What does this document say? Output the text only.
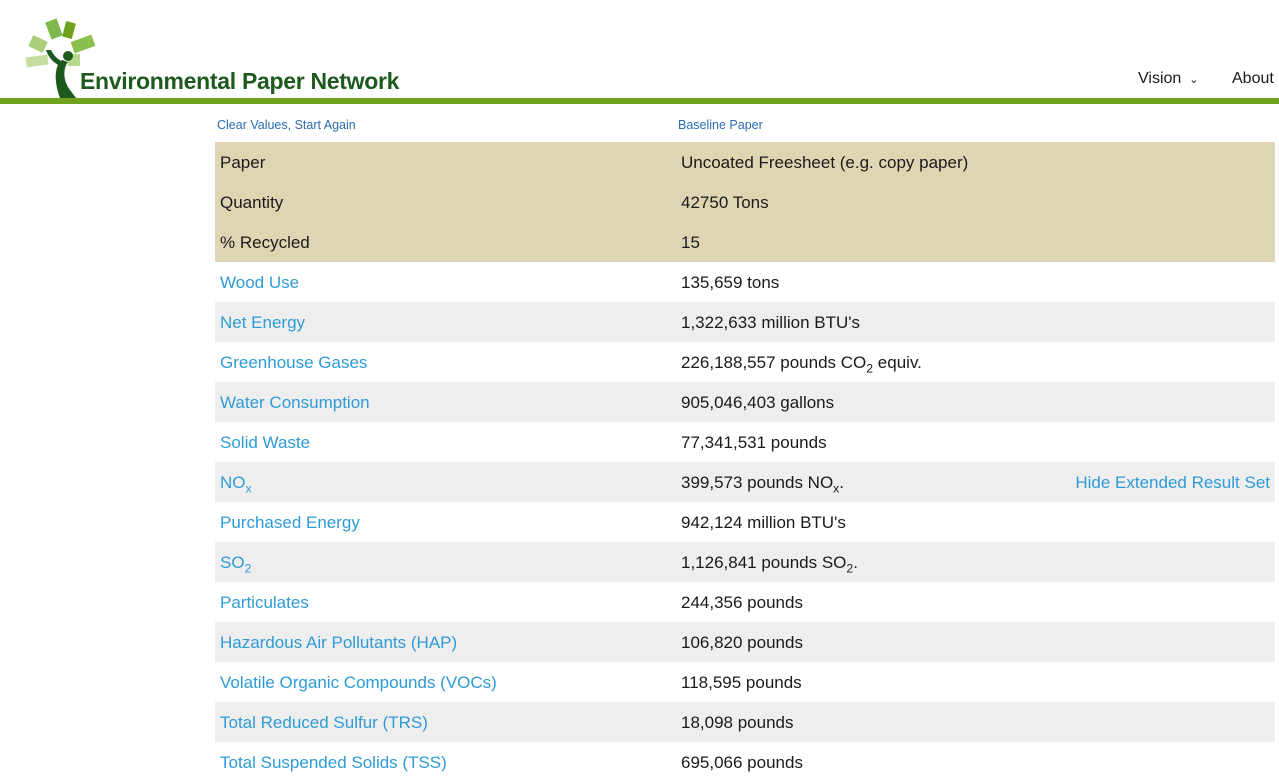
Environmental Paper Network	Vision ⌄ About
Clear Values, Start Again	Baseline Paper
Paper	Uncoated Freesheet (e.g. copy paper)
Quantity	42750 Tons
% Recycled	15
Wood Use	135,659 tons
Net Energy	1,322,633 million BTU's
Greenhouse Gases	226,188,557 pounds $CO_2$ equiv.
Water Consumption	905,046,403 gallons
Solid Waste	77,341,531 pounds
$NO_x$	399,573 pounds $NO_x$.	Hide Extended Result Set
Purchased Energy	942,124 million BTU's
$SO_2$	1,126,841 pounds $SO_2$.
Particulates	244,356 pounds
Hazardous Air Pollutants (HAP)	106,820 pounds
Volatile Organic Compounds (VOCs)	118,595 pounds
Total Reduced Sulfur (TRS)	18,098 pounds
Total Suspended Solids (TSS)	695,066 pounds
